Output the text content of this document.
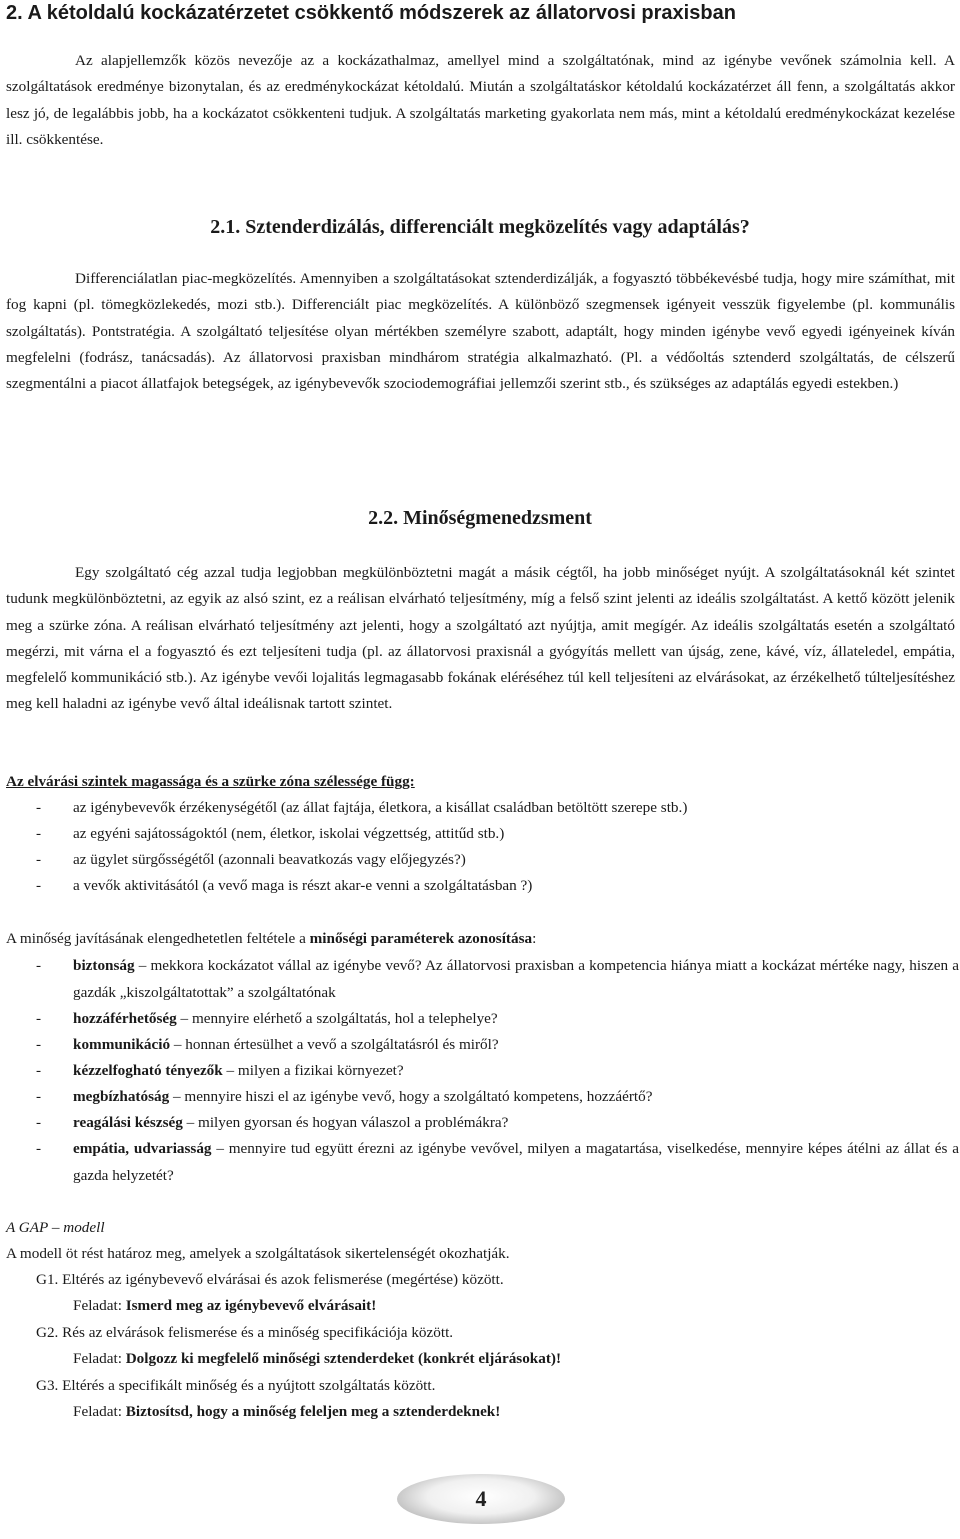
2. A kétoldalú kockázatérzetet csökkentő módszerek az állatorvosi praxisban
Az alapjellemzők közös nevezője az a kockázathalmaz, amellyel mind a szolgáltatónak, mind az igénybe vevőnek számolnia kell. A szolgáltatások eredménye bizonytalan, és az eredménykockázat kétoldalú. Miután a szolgáltatáskor kétoldalú kockázatérzet áll fenn, a szolgáltatás akkor lesz jó, de legalábbis jobb, ha a kockázatot csökkenteni tudjuk. A szolgáltatás marketing gyakorlata nem más, mint a kétoldalú eredménykockázat kezelése ill. csökkentése.
2.1. Sztenderdizálás, differenciált megközelítés vagy adaptálás?
Differenciálatlan piac-megközelítés. Amennyiben a szolgáltatásokat sztenderdizálják, a fogyasztó többékevésbé tudja, hogy mire számíthat, mit fog kapni (pl. tömegközlekedés, mozi stb.). Differenciált piac megközelítés. A különböző szegmensek igényeit vesszük figyelembe (pl. kommunális szolgáltatás). Pontstratégia. A szolgáltató teljesítése olyan mértékben személyre szabott, adaptált, hogy minden igénybe vevő egyedi igényeinek kíván megfelelni (fodrász, tanácsadás). Az állatorvosi praxisban mindhárom stratégia alkalmazható. (Pl. a védőoltás sztenderd szolgáltatás, de célszerű szegmentálni a piacot állatfajok betegségek, az igénybevevők szociodemográfiai jellemzői szerint stb., és szükséges az adaptálás egyedi estekben.)
2.2. Minőségmenedzsment
Egy szolgáltató cég azzal tudja legjobban megkülönböztetni magát a másik cégtől, ha jobb minőséget nyújt. A szolgáltatásoknál két szintet tudunk megkülönböztetni, az egyik az alsó szint, ez a reálisan elvárható teljesítmény, míg a felső szint jelenti az ideális szolgáltatást. A kettő között jelenik meg a szürke zóna. A reálisan elvárható teljesítmény azt jelenti, hogy a szolgáltató azt nyújtja, amit megígér. Az ideális szolgáltatás esetén a szolgáltató megérzi, mit várna el a fogyasztó és ezt teljesíteni tudja (pl. az állatorvosi praxisnál a gyógyítás mellett van újság, zene, kávé, víz, állateledel, empátia, megfelelő kommunikáció stb.). Az igénybe vevői lojalitás legmagasabb fokának eléréséhez túl kell teljesíteni az elvárásokat, az érzékelhető túlteljesítéshez meg kell haladni az igénybe vevő által ideálisnak tartott szintet.
Az elvárási szintek magassága és a szürke zóna szélessége függ:
- az igénybevevők érzékenységétől (az állat fajtája, életkora, a kisállat családban betöltött szerepe stb.)
- az egyéni sajátosságoktól (nem, életkor, iskolai végzettség, attitűd stb.)
- az ügylet sürgősségétől (azonnali beavatkozás vagy előjegyzés?)
- a vevők aktivitásától (a vevő maga is részt akar-e venni a szolgáltatásban ?)
A minőség javításának elengedhetetlen feltétele a minőségi paraméterek azonosítása:
- biztonság – mekkora kockázatot vállal az igénybe vevő? Az állatorvosi praxisban a kompetencia hiánya miatt a kockázat mértéke nagy, hiszen a gazdák „kiszolgáltatottak” a szolgáltatónak
- hozzáférhetőség – mennyire elérhető a szolgáltatás, hol a telephelye?
- kommunikáció – honnan értesülhet a vevő a szolgáltatásról és miről?
- kézzelfogható tényezők – milyen a fizikai környezet?
- megbízhatóság – mennyire hiszi el az igénybe vevő, hogy a szolgáltató kompetens, hozzáértő?
- reagálási készség – milyen gyorsan és hogyan válaszol a problémákra?
- empátia, udvariasság – mennyire tud együtt érezni az igénybe vevővel, milyen a magatartása, viselkedése, mennyire képes átélni az állat és a gazda helyzetét?
A GAP – modell
A modell öt rést határoz meg, amelyek a szolgáltatások sikertelenségét okozhatják.
G1. Eltérés az igénybevevő elvárásai és azok felismerése (megértése) között.
Feladat: Ismerd meg az igénybevevő elvárásait!
G2. Rés az elvárások felismerése és a minőség specifikációja között.
Feladat: Dolgozz ki megfelelő minőségi sztenderdeket (konkrét eljárásokat)!
G3. Eltérés a specifikált minőség és a nyújtott szolgáltatás között.
Feladat: Biztosítsd, hogy a minőség feleljen meg a sztenderdeknek!
4
